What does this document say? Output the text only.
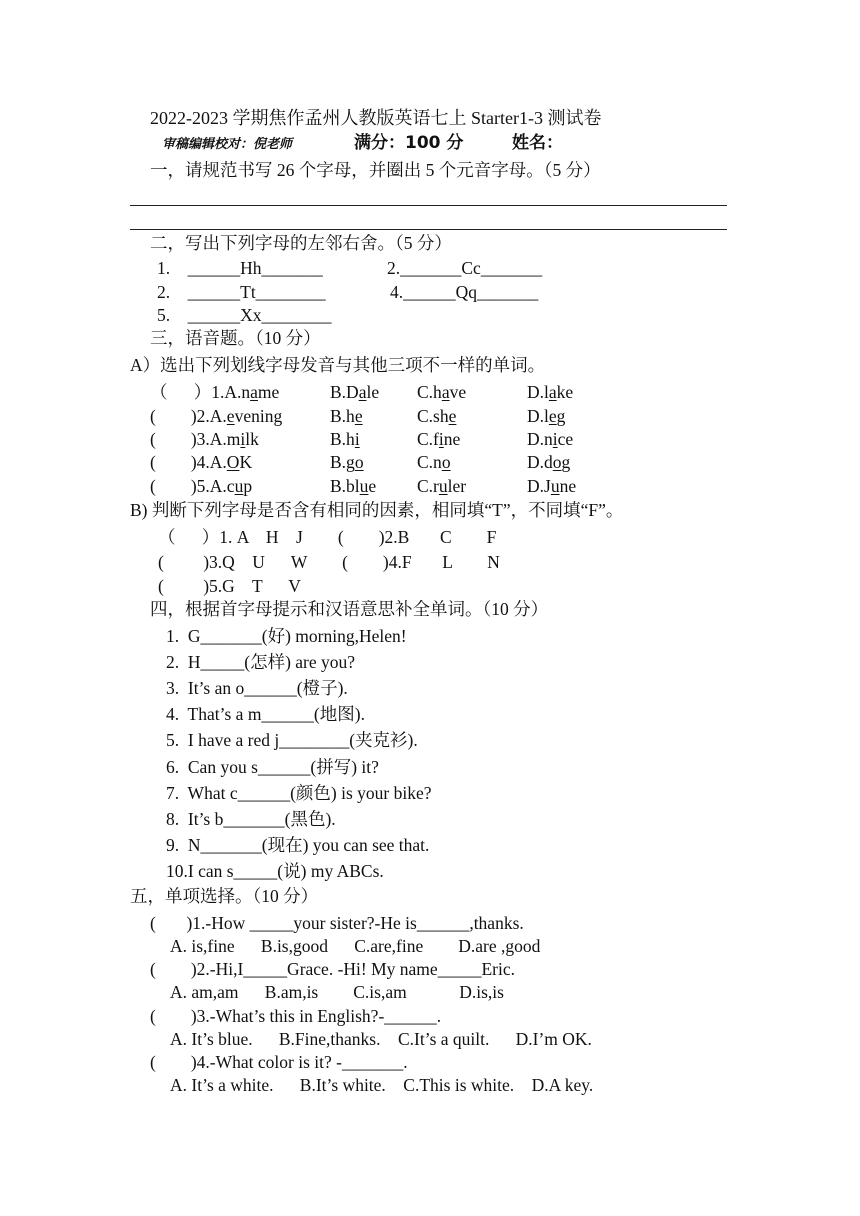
2022-2023 学期焦作孟州人教版英语七上 Starter1-3 测试卷
审稿编辑校对：倪老师	满分：100 分	姓名：
一，请规范书写 26 个字母，并圈出 5 个元音字母。（5 分）
二，写出下列字母的左邻右舍。（5 分）
1.    ______Hh_______	2._______Cc_______
2.    ______Tt________	4.______Qq_______
5.    ______Xx________
三，语音题。（10 分）
A）选出下列划线字母发音与其他三项不一样的单词。
（      ）1.A.name	B.Dale C.have	D.lake
(        )2.A.evening	B.he	C.she	D.leg
(        )3.A.milk	B.hi	C.fine	D.nice
(        )4.A.OK	B.go	C.no	D.dog
(        )5.A.cup	B.blue C.ruler	D.June
B) 判断下列字母是否含有相同的因素，相同填“T”，不同填“F”。
（      ）1. A    H    J        (        )2.B       C        F
(         )3.Q    U      W        (        )4.F       L        N
(         )5.G    T      V
四，根据首字母提示和汉语意思补全单词。（10 分）
1.  G_______(好) morning,Helen!
2.  H_____(怎样) are you?
3.  It’s an o______(橙子).
4.  That’s a m______(地图).
5.  I have a red j________(夹克衫).
6.  Can you s______(拼写) it?
7.  What c______(颜色) is your bike?
8.  It’s b_______(黑色).
9.  N_______(现在) you can see that.
10.I can s_____(说) my ABCs.
五，单项选择。（10 分）
(       )1.-How _____your sister?-He is______,thanks.
A. is,fine      B.is,good      C.are,fine        D.are ,good
(        )2.-Hi,I_____Grace. -Hi! My name_____Eric.
A. am,am      B.am,is        C.is,am            D.is,is
(        )3.-What’s this in English?-______.
A. It’s blue.      B.Fine,thanks.    C.It’s a quilt.      D.I’m OK.
(        )4.-What color is it? -_______.
A. It’s a white.      B.It’s white.    C.This is white.    D.A key.
